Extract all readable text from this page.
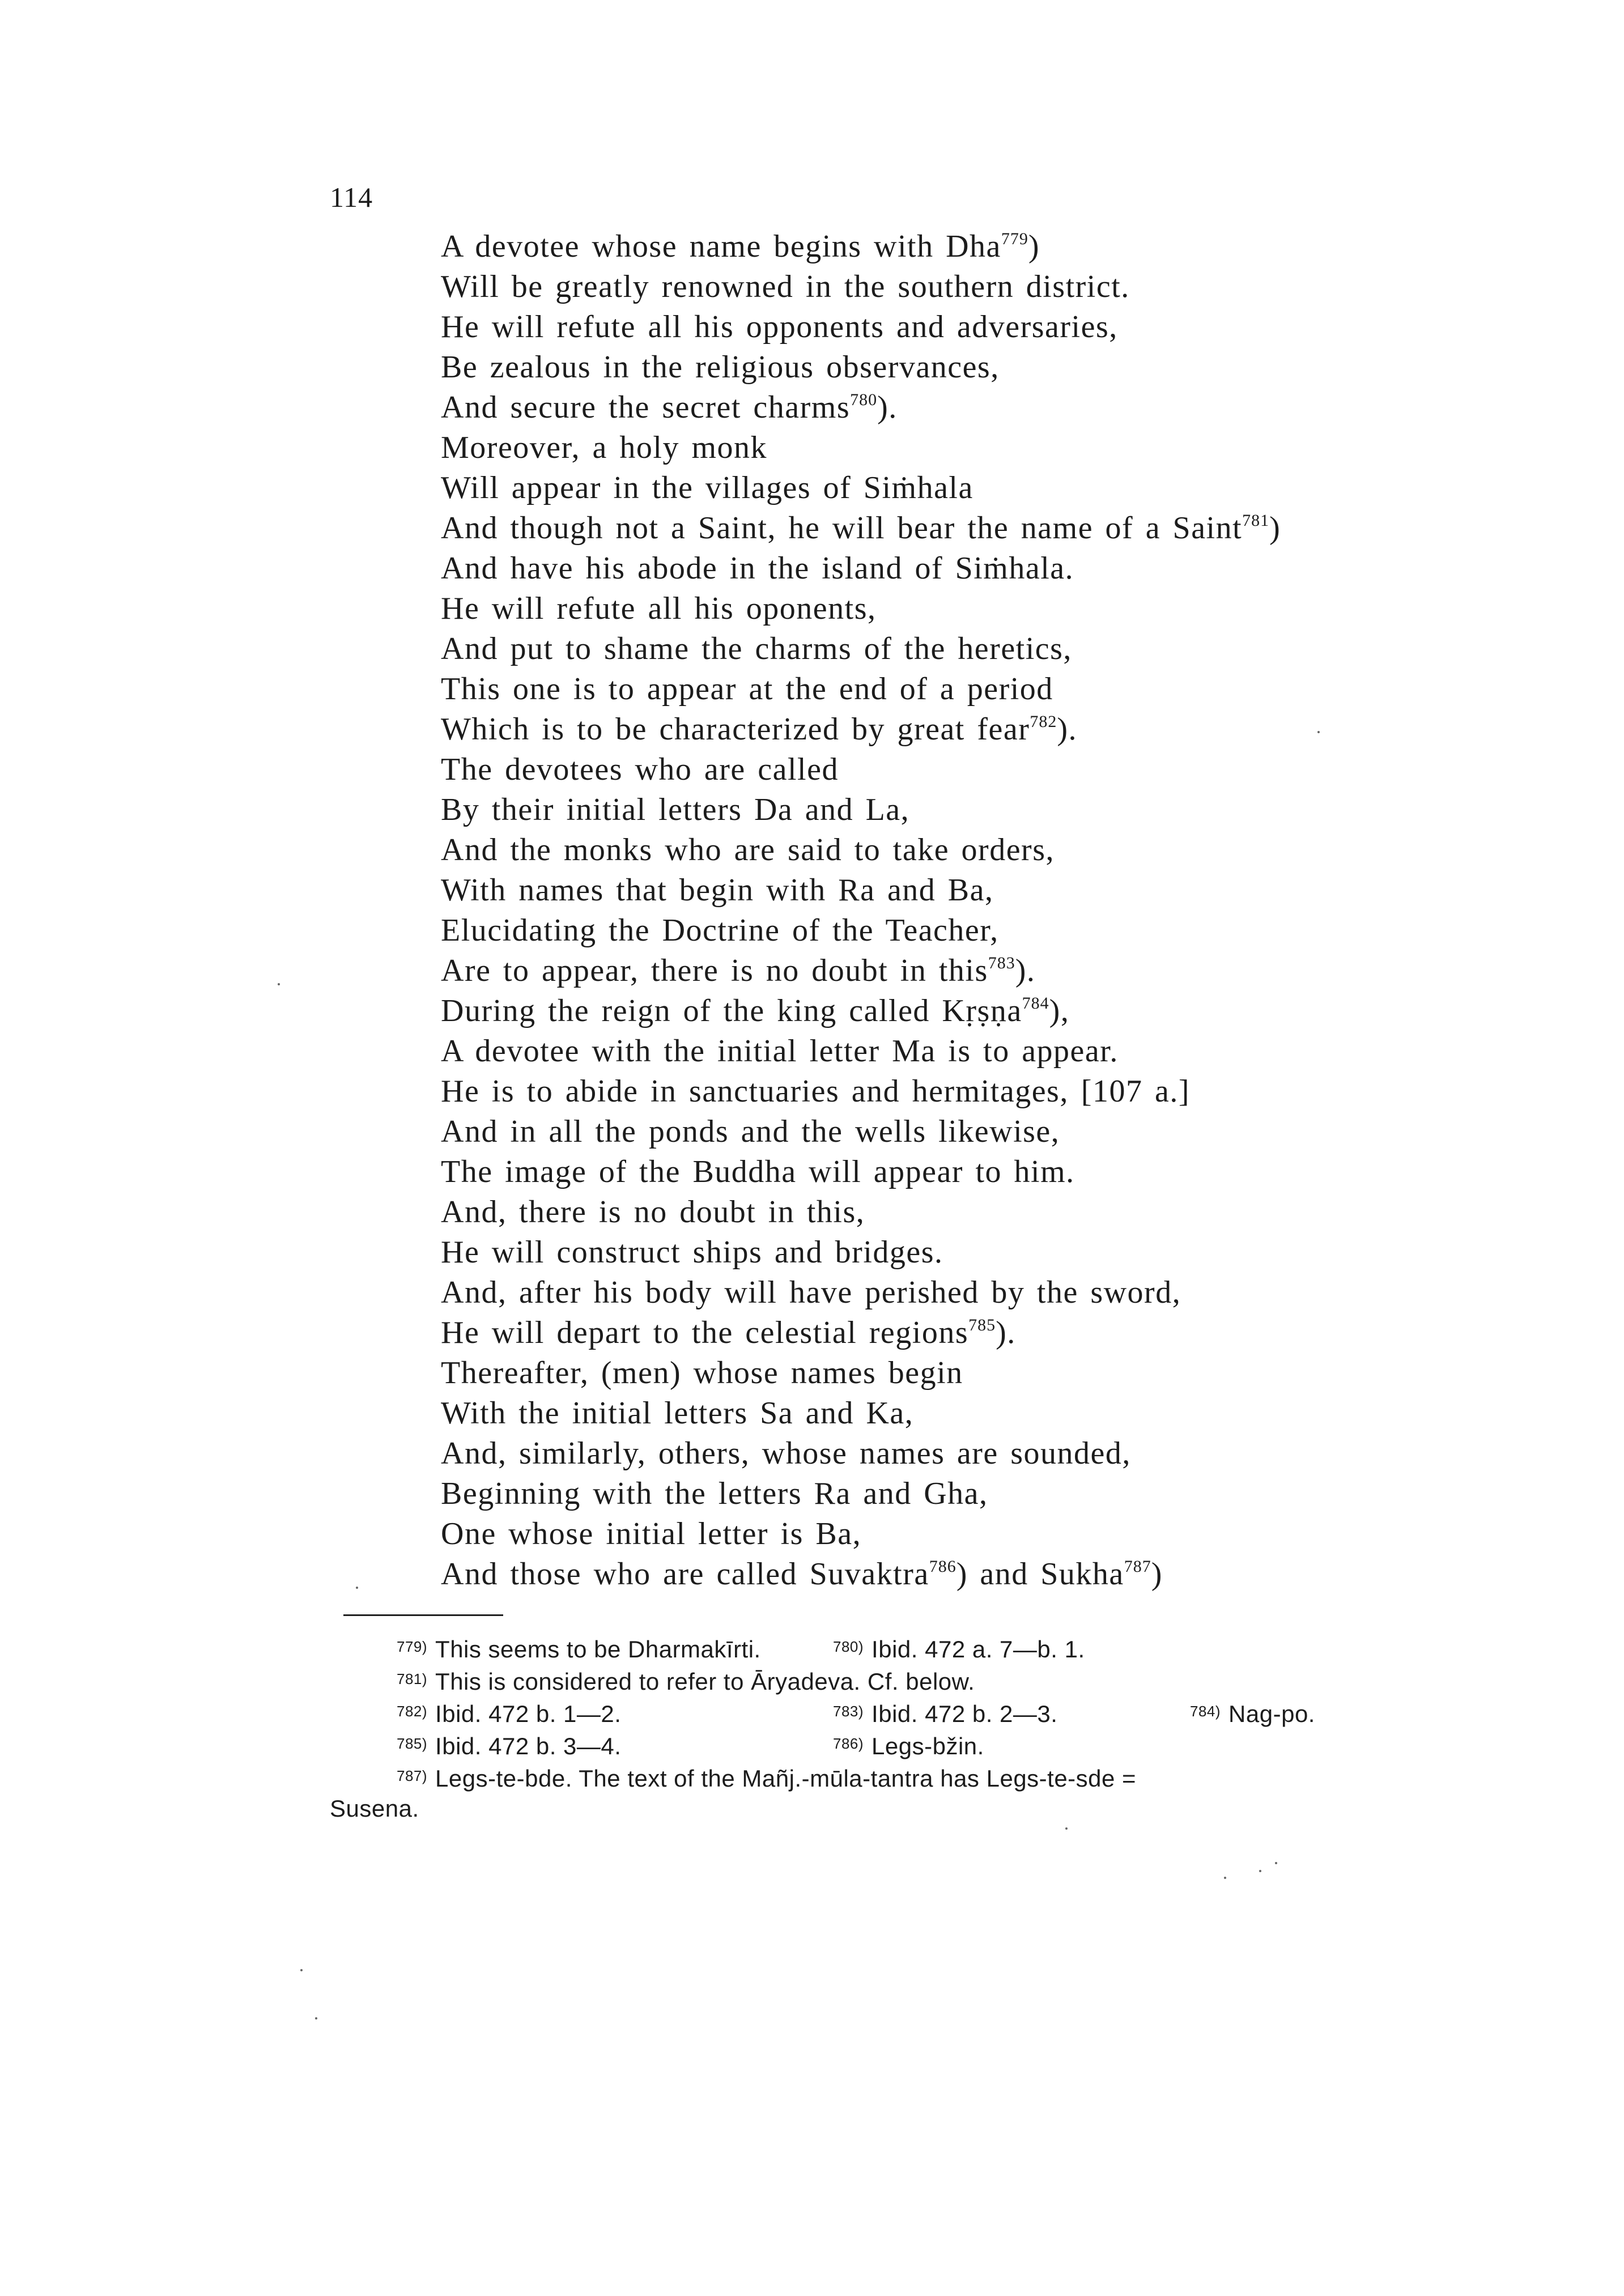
114
A devotee whose name begins with Dha$^{779}$)
Will be greatly renowned in the southern district.
He will refute all his opponents and adversaries,
Be zealous in the religious observances,
And secure the secret charms$^{780}$).
Moreover, a holy monk
Will appear in the villages of Siṁhala
And though not a Saint, he will bear the name of a Saint$^{781}$)
And have his abode in the island of Siṁhala.
He will refute all his oponents,
And put to shame the charms of the heretics,
This one is to appear at the end of a period
Which is to be characterized by great fear$^{782}$).
The devotees who are called
By their initial letters Da and La,
And the monks who are said to take orders,
With names that begin with Ra and Ba,
Elucidating the Doctrine of the Teacher,
Are to appear, there is no doubt in this$^{783}$).
During the reign of the king called Kṛṣṇa$^{784}$),
A devotee with the initial letter Ma is to appear.
He is to abide in sanctuaries and hermitages, [107 a.]
And in all the ponds and the wells likewise,
The image of the Buddha will appear to him.
And, there is no doubt in this,
He will construct ships and bridges.
And, after his body will have perished by the sword,
He will depart to the celestial regions$^{785}$).
Thereafter, (men) whose names begin
With the initial letters Sa and Ka,
And, similarly, others, whose names are sounded,
Beginning with the letters Ra and Gha,
One whose initial letter is Ba,
And those who are called Suvaktra$^{786}$) and Sukha$^{787}$)
$^{779)}$ This seems to be Dharmakīrti.	$^{780)}$ Ibid. 472 a. 7—b. 1.
$^{781)}$ This is considered to refer to Āryadeva. Cf. below.
$^{782)}$ Ibid. 472 b. 1—2.	$^{783)}$ Ibid. 472 b. 2—3.	$^{784)}$ Nag-po.
$^{785)}$ Ibid. 472 b. 3—4.	$^{786)}$ Legs-bžin.
$^{787)}$ Legs-te-bde. The text of the Mañj.-mūla-tantra has Legs-te-sde =
Susena.
